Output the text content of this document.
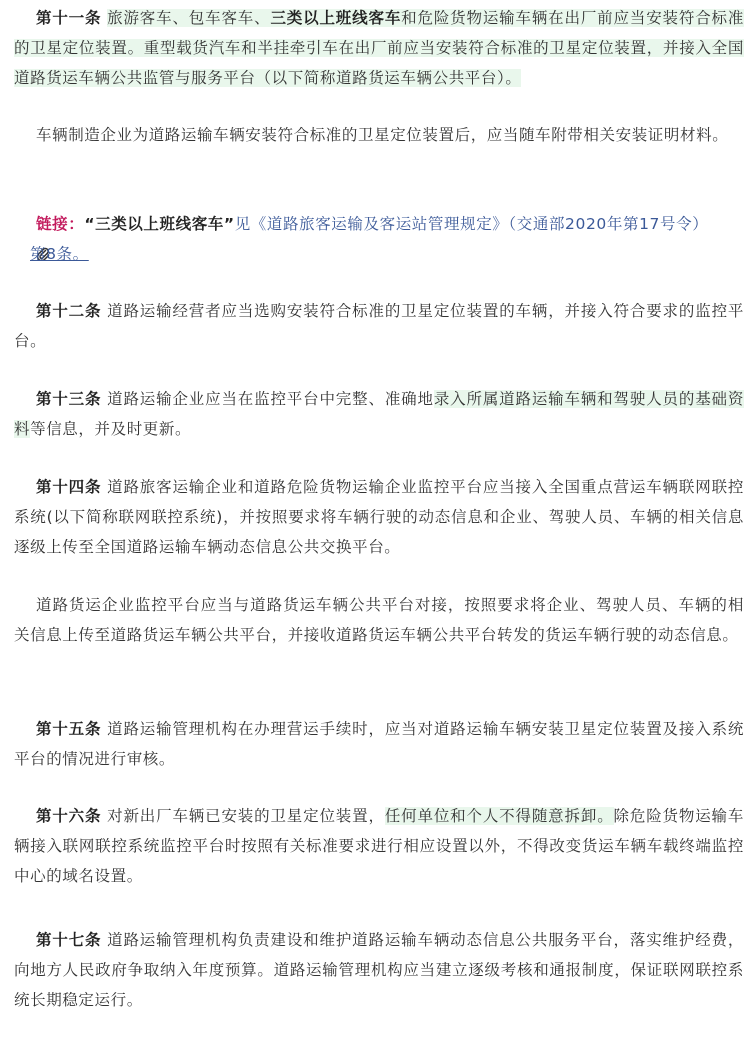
第十一条 旅游客车、包车客车、三类以上班线客车和危险货物运输车辆在出厂前应当安装符合标准的卫星定位装置。重型载货汽车和半挂牵引车在出厂前应当安装符合标准的卫星定位装置，并接入全国道路货运车辆公共监管与服务平台（以下简称道路货运车辆公共平台）。

车辆制造企业为道路运输车辆安装符合标准的卫星定位装置后，应当随车附带相关安装证明材料。

链接：“三类以上班线客车”见《道路旅客运输及客运站管理规定》（交通部2020年第17号令）
第8条。

第十二条 道路运输经营者应当选购安装符合标准的卫星定位装置的车辆，并接入符合要求的监控平台。

第十三条 道路运输企业应当在监控平台中完整、准确地录入所属道路运输车辆和驾驶人员的基础资料等信息，并及时更新。

第十四条 道路旅客运输企业和道路危险货物运输企业监控平台应当接入全国重点营运车辆联网联控系统(以下简称联网联控系统)，并按照要求将车辆行驶的动态信息和企业、驾驶人员、车辆的相关信息逐级上传至全国道路运输车辆动态信息公共交换平台。

道路货运企业监控平台应当与道路货运车辆公共平台对接，按照要求将企业、驾驶人员、车辆的相关信息上传至道路货运车辆公共平台，并接收道路货运车辆公共平台转发的货运车辆行驶的动态信息。

第十五条 道路运输管理机构在办理营运手续时，应当对道路运输车辆安装卫星定位装置及接入系统平台的情况进行审核。

第十六条 对新出厂车辆已安装的卫星定位装置，任何单位和个人不得随意拆卸。除危险货物运输车辆接入联网联控系统监控平台时按照有关标准要求进行相应设置以外，不得改变货运车辆车载终端监控中心的域名设置。

第十七条 道路运输管理机构负责建设和维护道路运输车辆动态信息公共服务平台，落实维护经费，向地方人民政府争取纳入年度预算。道路运输管理机构应当建立逐级考核和通报制度，保证联网联控系统长期稳定运行。
